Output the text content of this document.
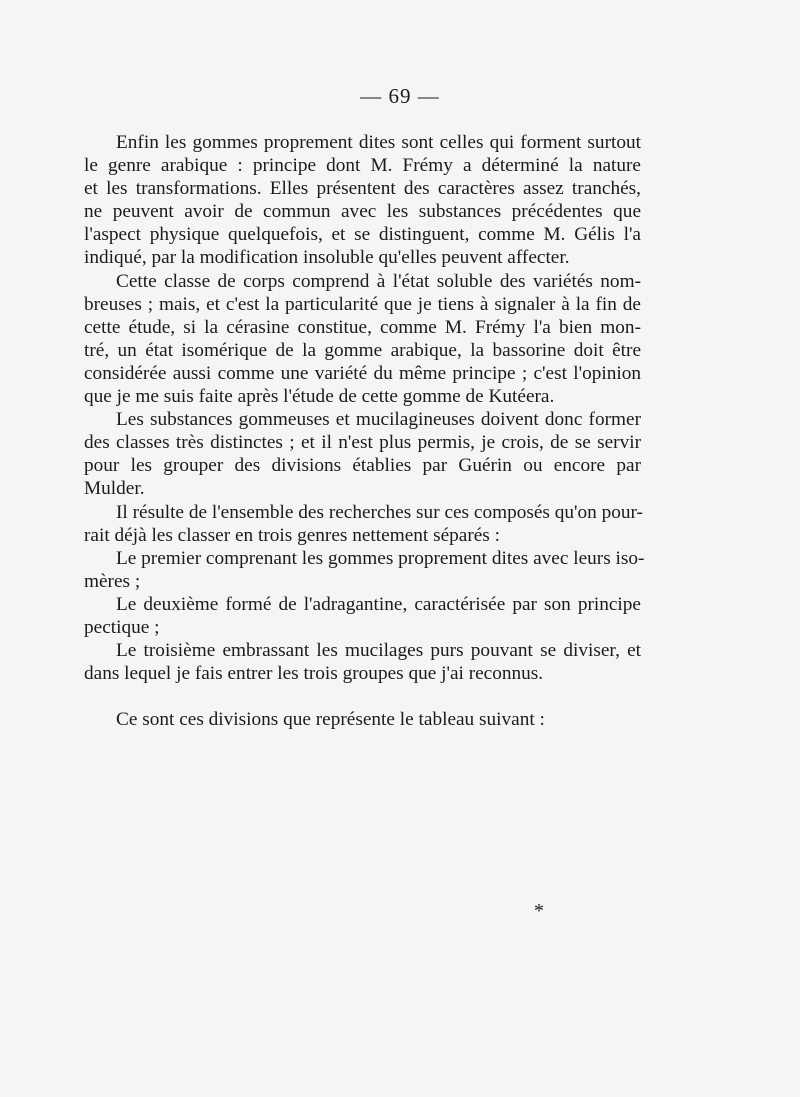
— 69 —

Enfin les gommes proprement dites sont celles qui forment surtout
le genre arabique : principe dont M. Frémy a déterminé la nature
et les transformations. Elles présentent des caractères assez tranchés,
ne peuvent avoir de commun avec les substances précédentes que
l'aspect physique quelquefois, et se distinguent, comme M. Gélis l'a
indiqué, par la modification insoluble qu'elles peuvent affecter.

Cette classe de corps comprend à l'état soluble des variétés nom-
breuses ; mais, et c'est la particularité que je tiens à signaler à la fin de
cette étude, si la cérasine constitue, comme M. Frémy l'a bien mon-
tré, un état isomérique de la gomme arabique, la bassorine doit être
considérée aussi comme une variété du même principe ; c'est l'opinion
que je me suis faite après l'étude de cette gomme de Kutéera.

Les substances gommeuses et mucilagineuses doivent donc former
des classes très distinctes ; et il n'est plus permis, je crois, de se servir
pour les grouper des divisions établies par Guérin ou encore par
Mulder.

Il résulte de l'ensemble des recherches sur ces composés qu'on pour-
rait déjà les classer en trois genres nettement séparés :

Le premier comprenant les gommes proprement dites avec leurs iso-
mères ;

Le deuxième formé de l'adragantine, caractérisée par son principe
pectique ;

Le troisième embrassant les mucilages purs pouvant se diviser, et
dans lequel je fais entrer les trois groupes que j'ai reconnus.

Ce sont ces divisions que représente le tableau suivant :

*
